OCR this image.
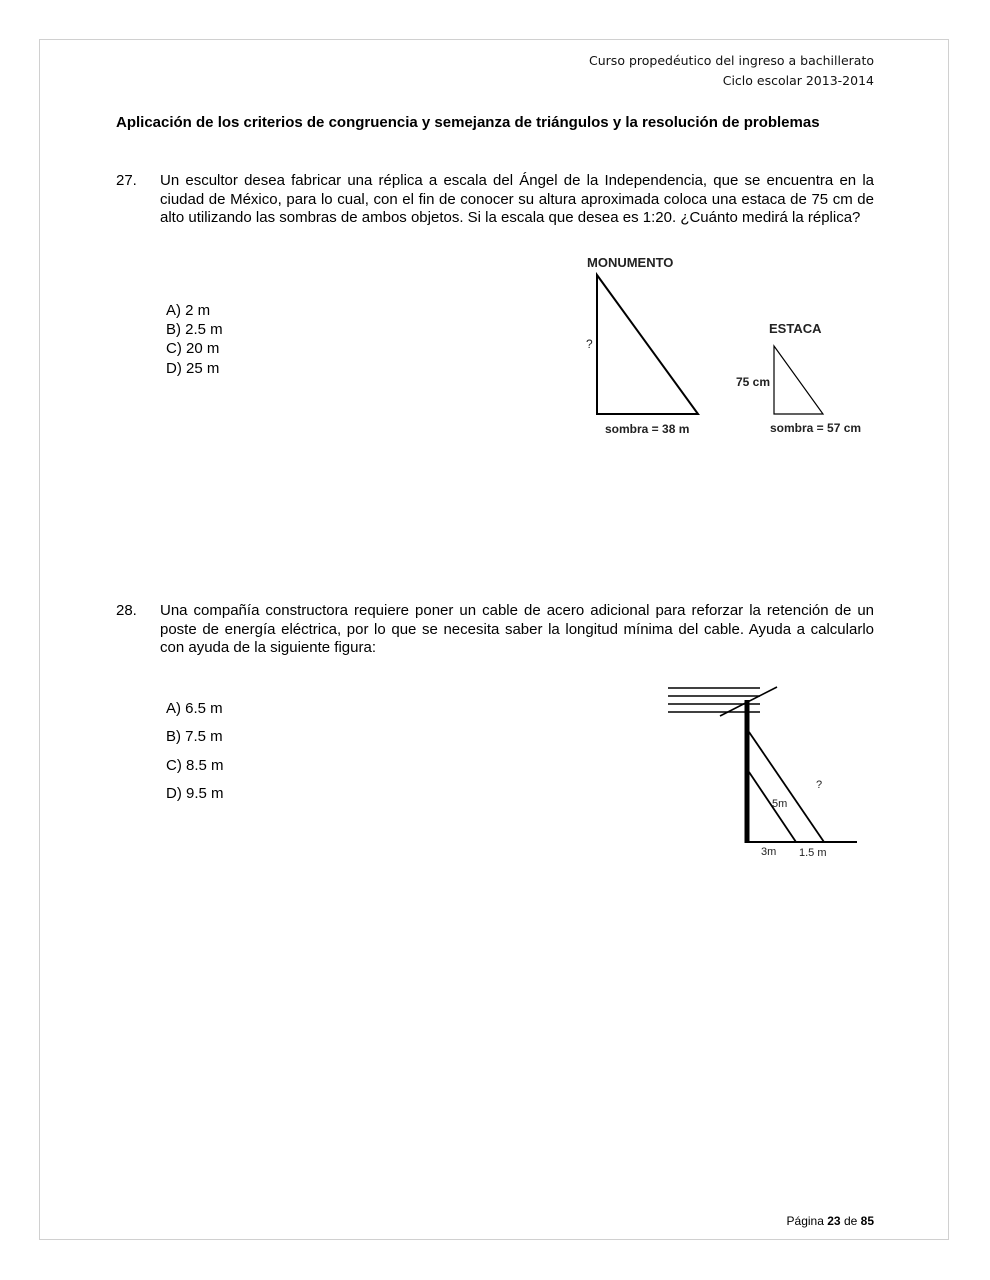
Curso propedéutico del ingreso a bachillerato
Ciclo escolar 2013-2014
Aplicación de los criterios de congruencia y semejanza de triángulos y la resolución de problemas
27. Un escultor desea fabricar una réplica a escala del Ángel de la Independencia, que se encuentra en la ciudad de México, para lo cual, con el fin de conocer su altura aproximada coloca una estaca de 75 cm de alto utilizando las sombras de ambos objetos. Si la escala que desea es 1:20. ¿Cuánto medirá la réplica?
A) 2 m
B) 2.5 m
C) 20 m
D) 25 m
MONUMENTO
?
sombra = 38 m
ESTACA
75 cm
sombra = 57 cm
28. Una compañía constructora requiere poner un cable de acero adicional para reforzar la retención de un poste de energía eléctrica, por lo que se necesita saber la longitud mínima del cable. Ayuda a calcularlo con ayuda de la siguiente figura:
A) 6.5 m
B) 7.5 m
C) 8.5 m
D) 9.5 m	?
5m
3m 1.5 m
Página 23 de 85
